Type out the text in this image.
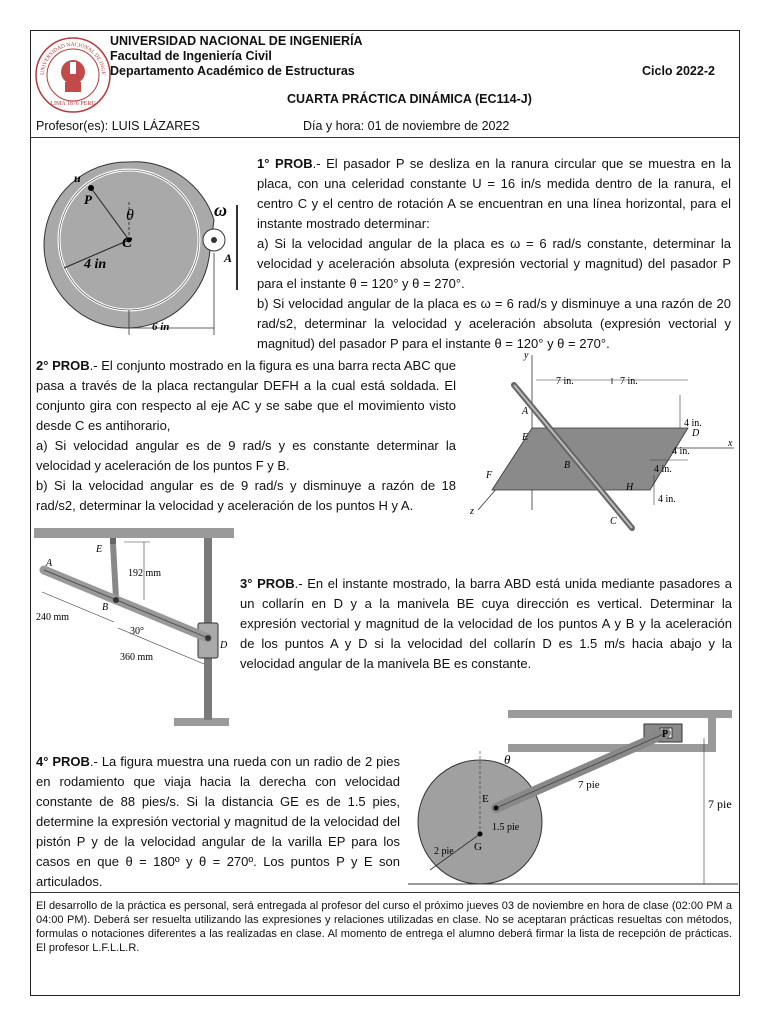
UNIVERSIDAD NACIONAL DE INGE
LIMA 1876 PERU
UNIVERSIDAD NACIONAL DE INGENIERÍA
Facultad de Ingeniería Civil
Departamento Académico de Estructuras	Ciclo 2022-2
CUARTA PRÁCTICA DINÁMICA (EC114-J)
Profesor(es): LUIS LÁZARES	Día y hora: 01 de noviembre de 2022
u
P
θ
C
ω
A
4 in
6 in
1° PROB.- El pasador P se desliza en la ranura circular que se muestra en la placa, con una celeridad constante U = 16 in/s medida dentro de la ranura, el centro C y el centro de rotación A se encuentran en una línea horizontal, para el instante mostrado determinar:
a) Si la velocidad angular de la placa es ω = 6 rad/s constante, determinar la velocidad y aceleración absoluta (expresión vectorial y magnitud) del pasador P para el instante θ = 120° y θ = 270°.
b) Si velocidad angular de la placa es ω = 6 rad/s y disminuye a una razón de 20 rad/s2, determinar la velocidad y aceleración absoluta (expresión vectorial y magnitud) del pasador P para el instante θ = 120° y θ = 270°.
2° PROB.- El conjunto mostrado en la figura es una barra recta ABC que pasa a través de la placa rectangular DEFH a la cual está soldada. El conjunto gira con respecto al eje AC y se sabe que el movimiento visto desde C es antihorario,
a) Si velocidad angular es de 9 rad/s y es constante determinar la velocidad y aceleración de los puntos F y B.
b) Si la velocidad angular es de 9 rad/s y disminuye a razón de 18 rad/s2, determinar la velocidad y aceleración de los puntos H y A.
y
x
z
7 in.	7 in.
4 in.
4 in.
4 in.
4 in.
A
B
C
D
E
F
H
E
A
B
D
192 mm
240 mm
360 mm
30°
3° PROB.- En el instante mostrado, la barra ABD está unida mediante pasadores a un collarín en D y a la manivela BE cuya dirección es vertical. Determinar la expresión vectorial y magnitud de la velocidad de los puntos A y B y la aceleración de los puntos A y D si la velocidad del collarín D es 1.5 m/s hacia abajo y la velocidad angular de la manivela BE es constante.
4° PROB.- La figura muestra una rueda con un radio de 2 pies en rodamiento que viaja hacia la derecha con velocidad constante de 88 pies/s. Si la distancia GE es de 1.5 pies, determine la expresión vectorial y magnitud de la velocidad del pistón P y de la velocidad angular de la varilla EP para los casos en que θ = 180º y θ = 270º. Los puntos P y E son articulados.
P
E
G
θ
2 pie
1.5 pie
7 pie
7 pie
El desarrollo de la práctica es personal, será entregada al profesor del curso el próximo jueves 03 de noviembre en hora de clase (02:00 PM a 04:00 PM). Deberá ser resuelta utilizando las expresiones y relaciones utilizadas en clase. No se aceptaran prácticas resueltas con métodos, formulas o notaciones diferentes a las realizadas en clase. Al momento de entrega el alumno deberá firmar la lista de recepción de prácticas. El profesor L.F.L.L.R.
